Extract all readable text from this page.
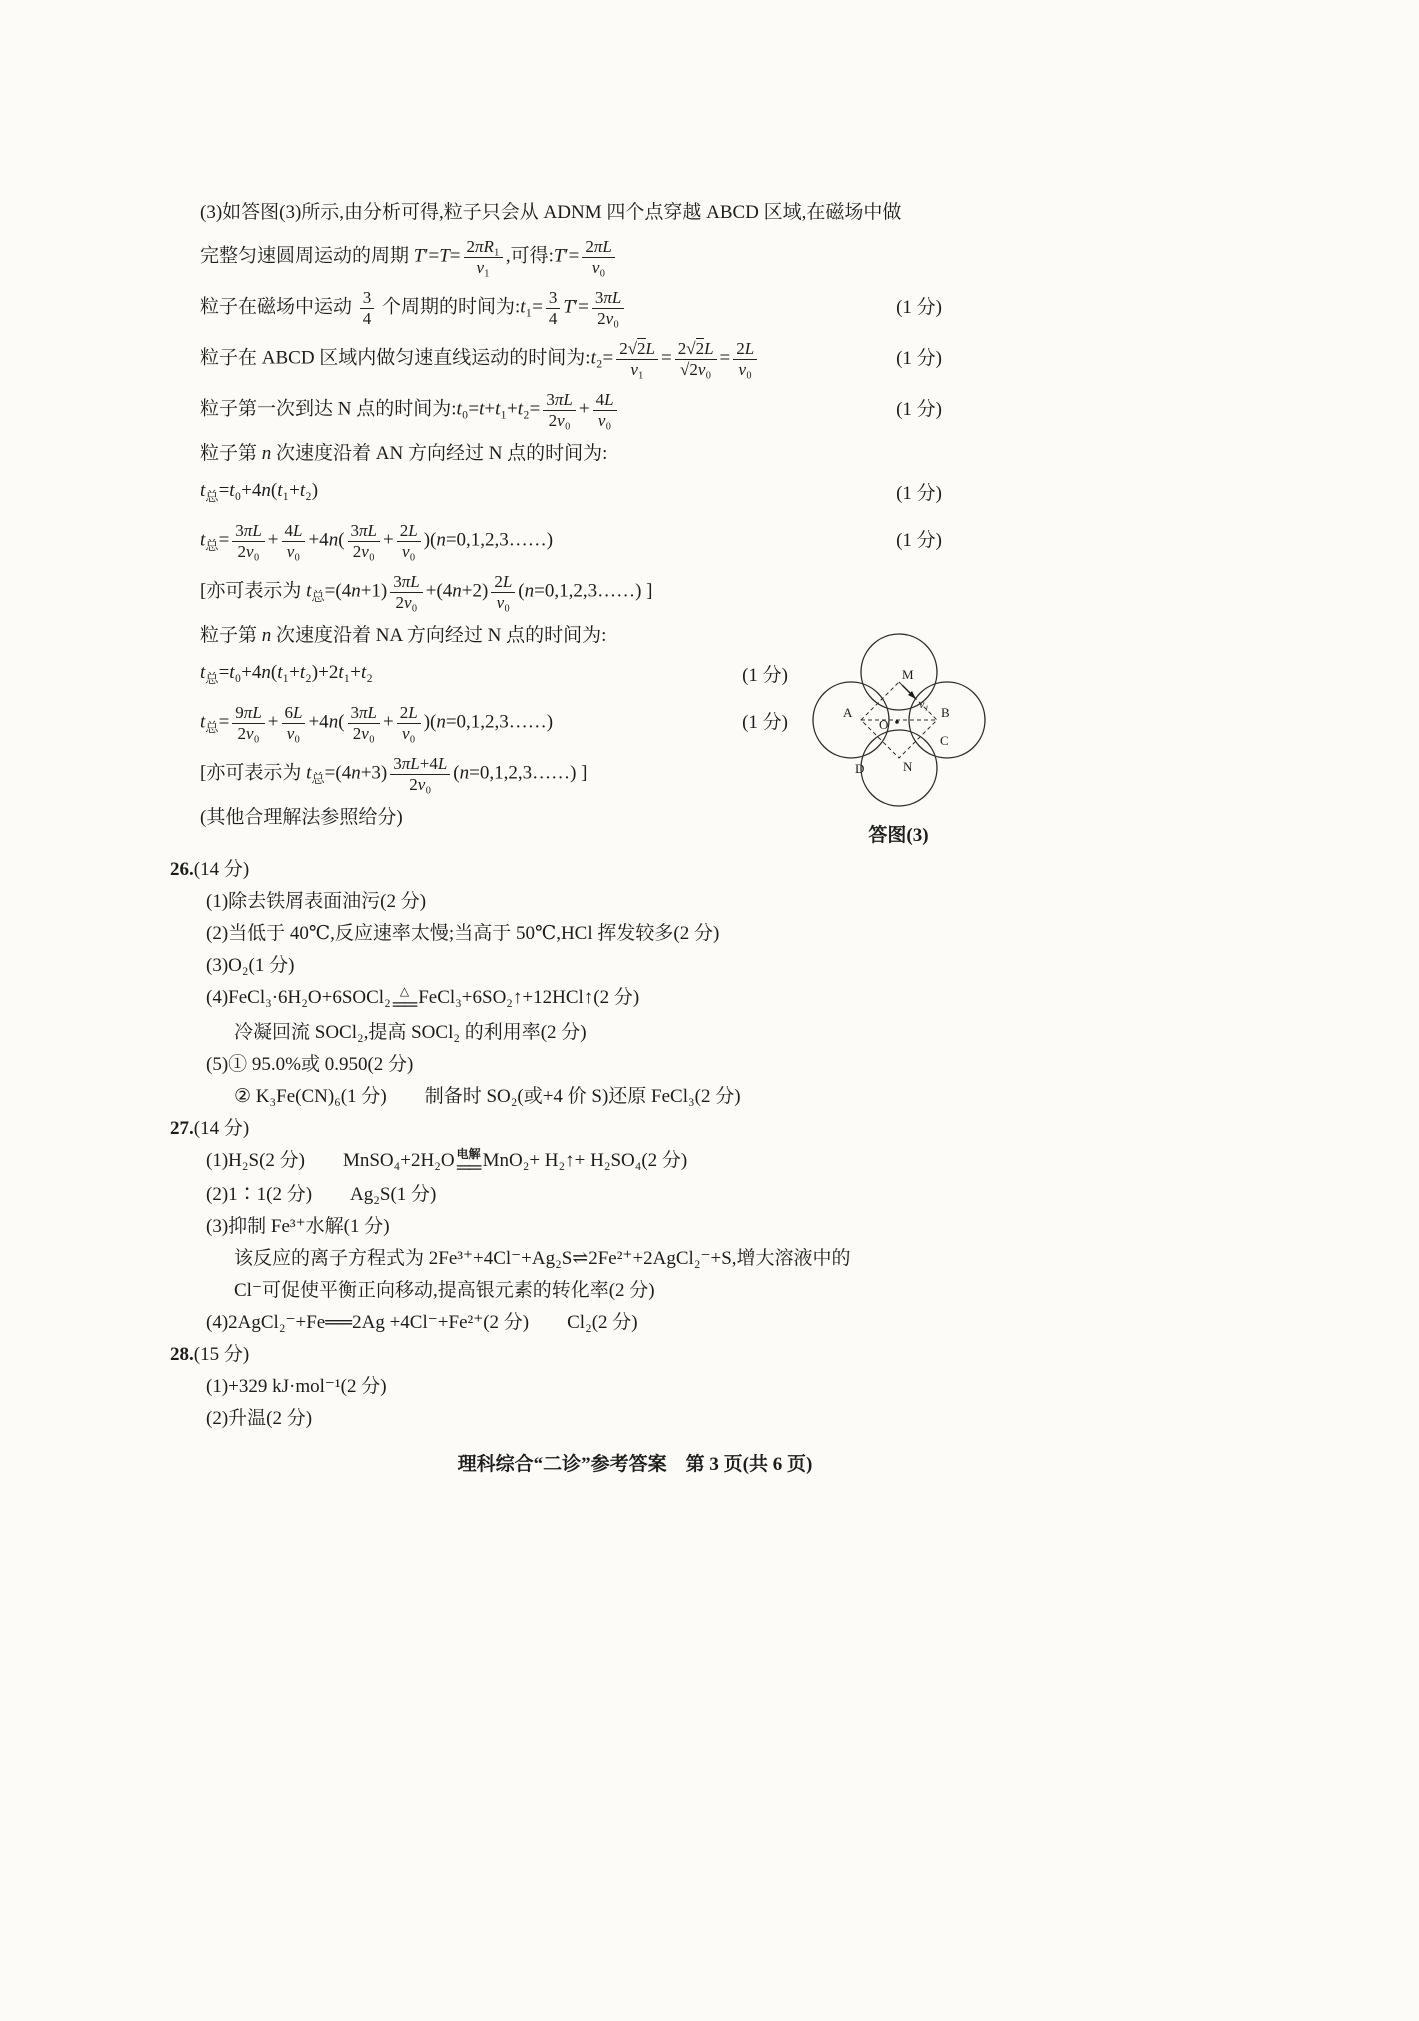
(3)如答图(3)所示,由分析可得,粒子只会从 ADNM 四个点穿越 ABCD 区域,在磁场中做
完整匀速圆周运动的周期 $T'=T= \frac{\text{2πR₁}}{\text{v₁}}$ ,可得:T′= $\frac{2\pi L}{\text{v₀}}$
粒子在磁场中运动 $\frac{3}{4}$ 个周期的时间为:t₁= $\frac{3}{4} T'= \frac{3\pi L}{\text{2v₀}}$	(1 分)
粒子在 ABCD 区域内做匀速直线运动的时间为:t₂= $\frac{2√2L}{\text{v₁}} = \frac{2√2L}{\text{√2v₀}} = \frac{2L}{\text{v₀}}$	(1 分)
粒子第一次到达 N 点的时间为:t₀=t+t₁+t₂= $\frac{3\pi L}{\text{2v₀}} + \frac{4L}{\text{v₀}}$	(1 分)
粒子第 n 次速度沿着 AN 方向经过 N 点的时间为:
$t_总=t_0+4n(t_1+t_2)$	(1 分)
$t_总= \frac{3\pi L}{\text{2v₀}} + \frac{4L}{\text{v₀}} +4n( \frac{3\pi L}{\text{2v₀}} + \frac{2L}{\text{v₀}}$ )(n=0,1,2,3……)	(1 分)
[亦可表示为 $t_总=(4n+1) \frac{3\pi L}{\text{2v₀}} +(4n+2) \frac{2L}{\text{v₀}}$ (n=0,1,2,3……) ]
粒子第 n 次速度沿着 NA 方向经过 N 点的时间为:
$t_总=t_0+4n(t_1+t_2)+2t_1+t_2$	(1 分)
$t_总= \frac{9\pi L}{\text{2v₀}} + \frac{6L}{\text{v₀}} +4n( \frac{3\pi L}{\text{2v₀}} + \frac{2L}{\text{v₀}}$ )(n=0,1,2,3……)	(1 分)
[亦可表示为 $t_总=(4n+3) \frac{3\pi L+4L}{\text{2v₀}}$ (n=0,1,2,3……) ]
(其他合理解法参照给分)
M
A	B
C
D	N
O
v₁
答图(3)
26.(14 分)
(1)除去铁屑表面油污(2 分)
(2)当低于 40℃,反应速率太慢;当高于 50℃,HCl 挥发较多(2 分)
(3)O₂(1 分)
(4)FeCl₃·6H₂O+6SOCl₂ △
══ FeCl₃+6SO₂↑+12HCl↑(2 分)
冷凝回流 SOCl₂,提高 SOCl₂ 的利用率(2 分)
(5)① 95.0%或 0.950(2 分)
② K₃Fe(CN)₆(1 分)　　制备时 SO₂(或+4 价 S)还原 FeCl₃(2 分)
27.(14 分)
(1)H₂S(2 分)　　MnSO₄+2H₂O 电解
══ MnO₂+ H₂↑+ H₂SO₄(2 分)
(2)1∶1(2 分)　　Ag₂S(1 分)
(3)抑制 Fe³⁺水解(1 分)
该反应的离子方程式为 2Fe³⁺+4Cl⁻+Ag₂S⇌2Fe²⁺+2AgCl₂⁻+S,增大溶液中的
Cl⁻可促使平衡正向移动,提高银元素的转化率(2 分)
(4)2AgCl₂⁻+Fe══2Ag +4Cl⁻+Fe²⁺(2 分)　　Cl₂(2 分)
28.(15 分)
(1)+329 kJ·mol⁻¹(2 分)
(2)升温(2 分)
理科综合“二诊”参考答案　第 3 页(共 6 页)
